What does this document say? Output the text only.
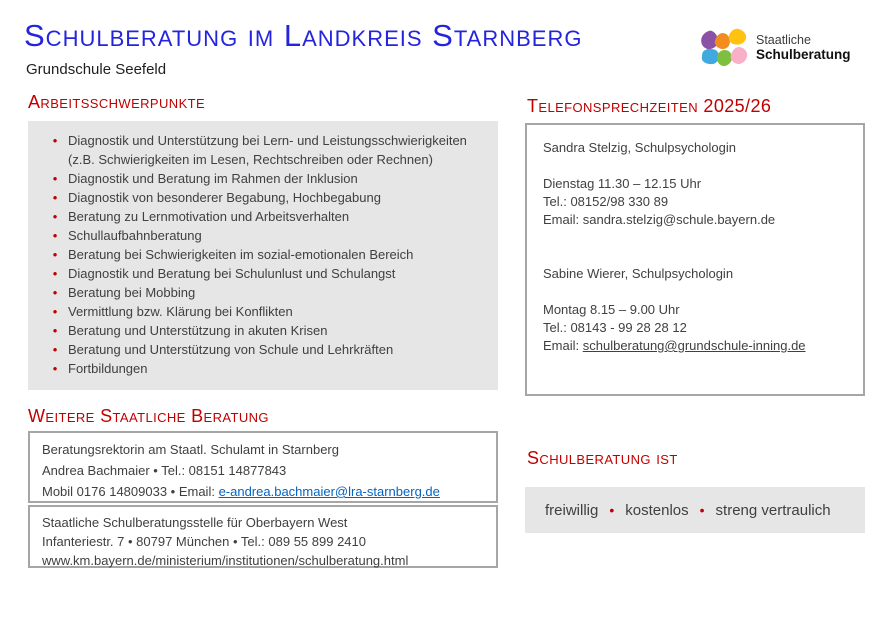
Schulberatung im Landkreis Starnberg
Grundschule Seefeld
Staatliche
Schulberatung
Arbeitsschwerpunkte
• Diagnostik und Unterstützung bei Lern- und Leistungsschwierigkeiten (z.B. Schwierigkeiten im Lesen, Rechtschreiben oder Rechnen)
• Diagnostik und Beratung im Rahmen der Inklusion
• Diagnostik von besonderer Begabung, Hochbegabung
• Beratung zu Lernmotivation und Arbeitsverhalten
• Schullaufbahnberatung
• Beratung bei Schwierigkeiten im sozial-emotionalen Bereich
• Diagnostik und Beratung bei Schulunlust und Schulangst
• Beratung bei Mobbing
• Vermittlung bzw. Klärung bei Konflikten
• Beratung und Unterstützung in akuten Krisen
• Beratung und Unterstützung von Schule und Lehrkräften
• Fortbildungen
Weitere Staatliche Beratung
Beratungsrektorin am Staatl. Schulamt in Starnberg
Andrea Bachmaier • Tel.: 08151 14877843
Mobil 0176 14809033 • Email: e-andrea.bachmaier@lra-starnberg.de
Staatliche Schulberatungsstelle für Oberbayern West
Infanteriestr. 7 • 80797 München • Tel.: 089 55 899 2410
www.km.bayern.de/ministerium/institutionen/schulberatung.html
Telefonsprechzeiten 2025/26
Sandra Stelzig, Schulpsychologin
Dienstag 11.30 – 12.15 Uhr
Tel.: 08152/98 330 89
Email: sandra.stelzig@schule.bayern.de
Sabine Wierer, Schulpsychologin
Montag 8.15 – 9.00 Uhr
Tel.: 08143 - 99 28 28 12
Email: schulberatung@grundschule-inning.de
Schulberatung ist
freiwillig • kostenlos • streng vertraulich
